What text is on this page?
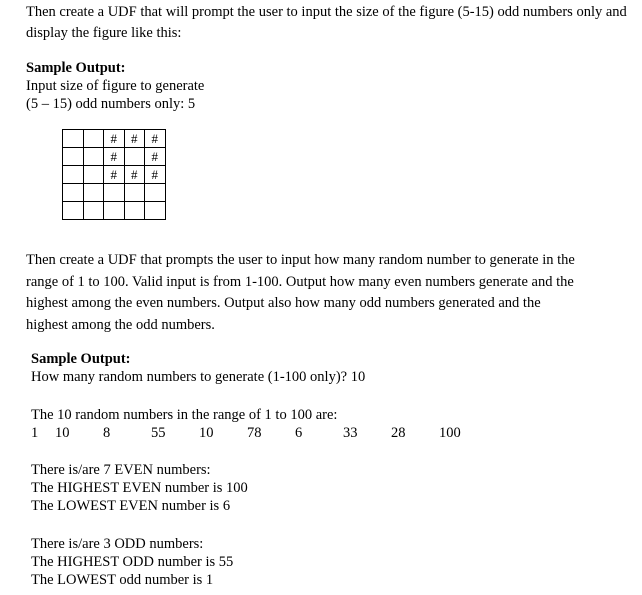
Then create a UDF that will prompt the user to input the size of the figure (5-15) odd numbers only and
display the figure like this:
Sample Output:
Input size of figure to generate
(5 – 15) odd numbers only: 5
		#	#	#
		#		#
		#	#	#

Then create a UDF that prompts the user to input how many random number to generate in the
range of 1 to 100. Valid input is from 1-100. Output how many even numbers generate and the
highest among the even numbers. Output also how many odd numbers generated and the
highest among the odd numbers.
Sample Output:
How many random numbers to generate (1-100 only)? 10
The 10 random numbers in the range of 1 to 100 are:
1 10 8	55 10 78 6	33 28 100
There is/are 7 EVEN numbers:
The HIGHEST EVEN number is 100
The LOWEST EVEN number is 6
There is/are 3 ODD numbers:
The HIGHEST ODD number is 55
The LOWEST odd number is 1
